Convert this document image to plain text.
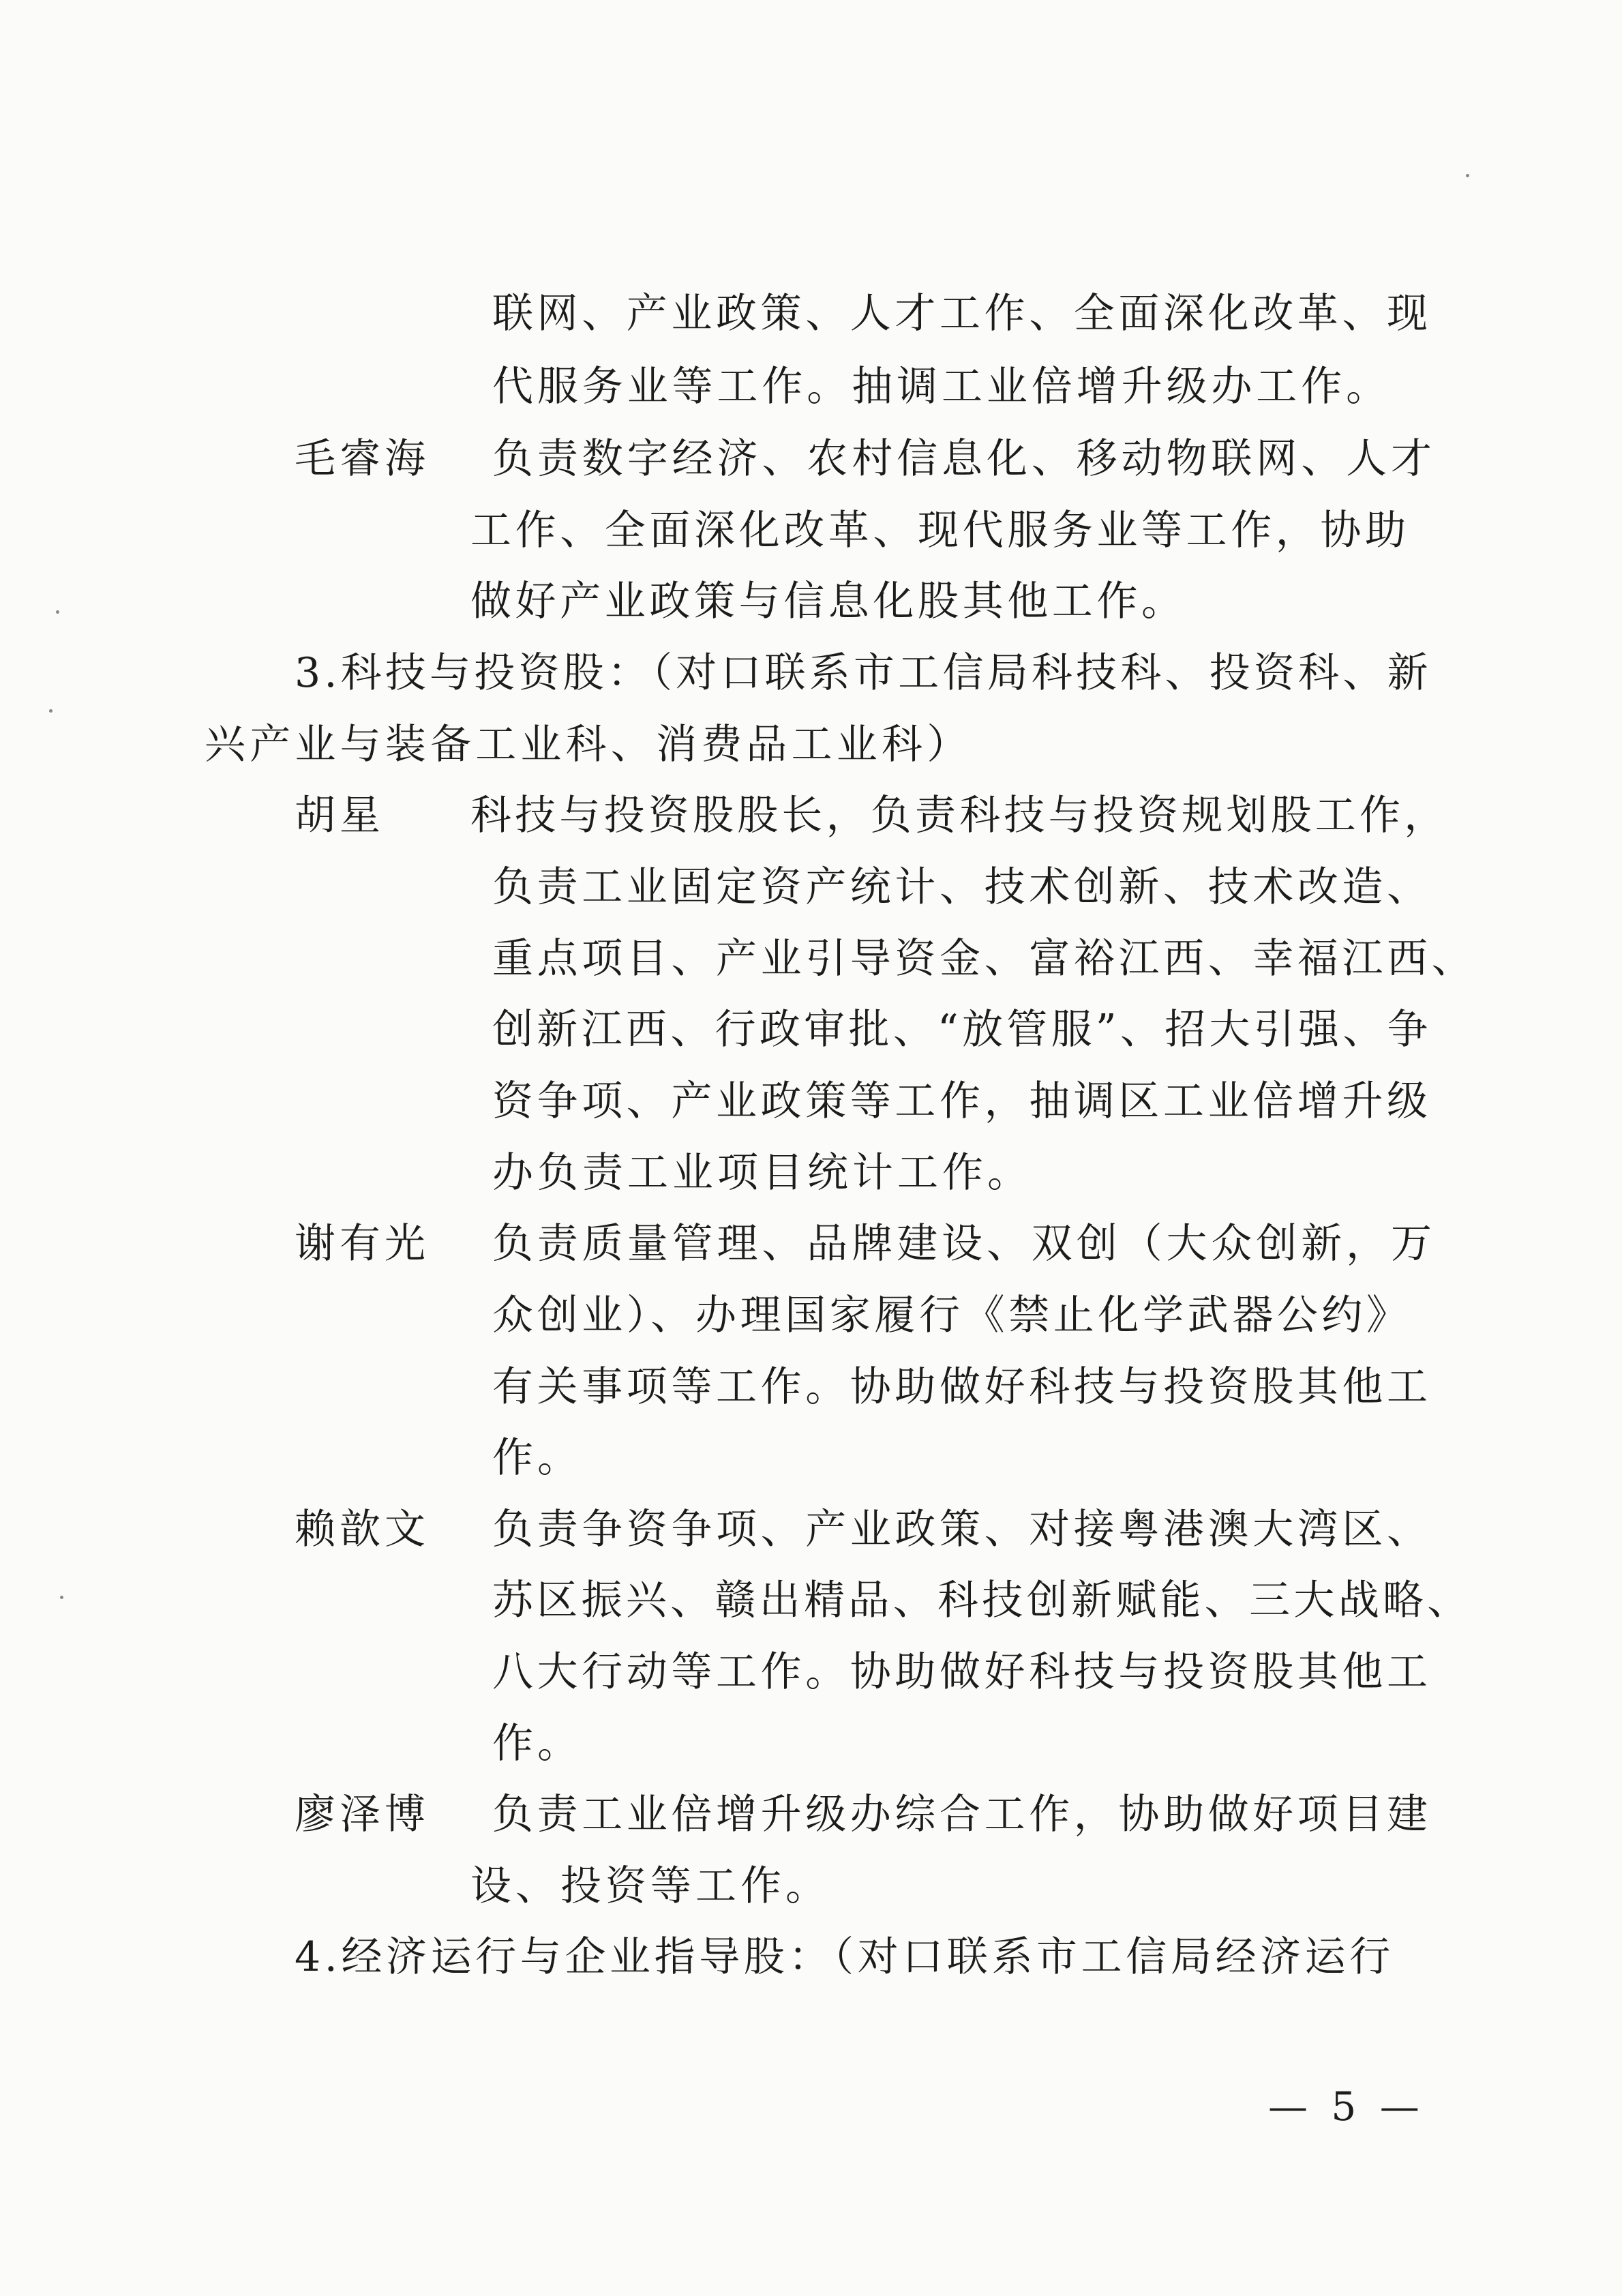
联网、产业政策、人才工作、全面深化改革、现
代服务业等工作。抽调工业倍增升级办工作。
毛睿海 负责数字经济、农村信息化、移动物联网、人才
工作、全面深化改革、现代服务业等工作，协助
做好产业政策与信息化股其他工作。
3.科技与投资股：（对口联系市工信局科技科、投资科、新
兴产业与装备工业科、消费品工业科）
胡星 科技与投资股股长，负责科技与投资规划股工作，
负责工业固定资产统计、技术创新、技术改造、
重点项目、产业引导资金、富裕江西、幸福江西、
创新江西、行政审批、“放管服”、招大引强、争
资争项、产业政策等工作，抽调区工业倍增升级
办负责工业项目统计工作。
谢有光 负责质量管理、品牌建设、双创（大众创新，万
众创业）、办理国家履行《禁止化学武器公约》
有关事项等工作。协助做好科技与投资股其他工
作。
赖歆文 负责争资争项、产业政策、对接粤港澳大湾区、
苏区振兴、赣出精品、科技创新赋能、三大战略、
八大行动等工作。协助做好科技与投资股其他工
作。
廖泽博 负责工业倍增升级办综合工作，协助做好项目建
设、投资等工作。
4.经济运行与企业指导股：（对口联系市工信局经济运行
— 5 —
